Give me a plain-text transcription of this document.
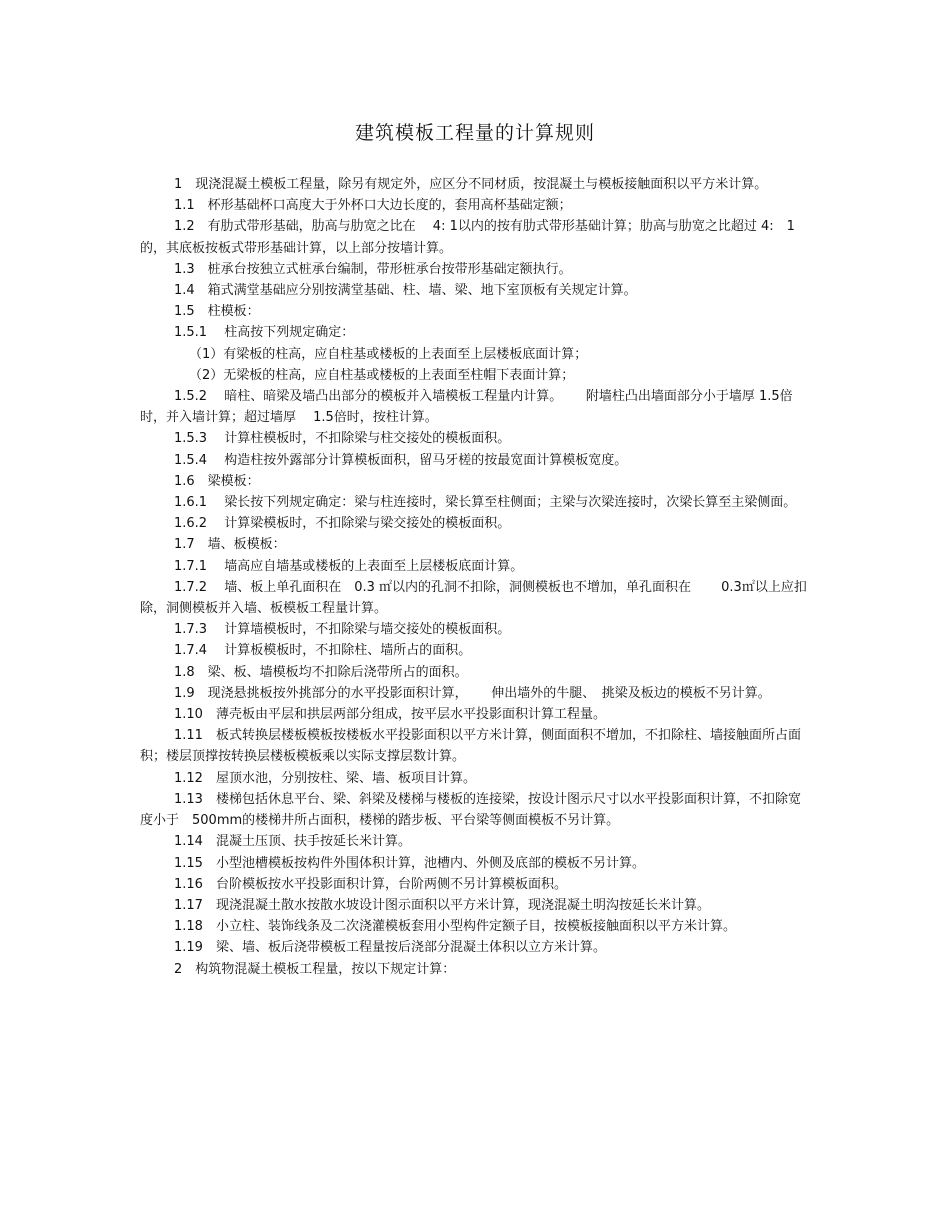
建筑模板工程量的计算规则

1　现浇混凝土模板工程量，除另有规定外，应区分不同材质，按混凝土与模板接触面积以平方米计算。

1.1　杯形基础杯口高度大于外杯口大边长度的，套用高杯基础定额；

1.2　有肋式带形基础，肋高与肋宽之比在　 4: 1以内的按有肋式带形基础计算；肋高与肋宽之比超过 4:　1的，其底板按板式带形基础计算，以上部分按墙计算。

1.3　桩承台按独立式桩承台编制，带形桩承台按带形基础定额执行。

1.4　箱式满堂基础应分别按满堂基础、柱、墙、梁、地下室顶板有关规定计算。

1.5　柱模板：

1.5.1　 柱高按下列规定确定：

（1）有梁板的柱高，应自柱基或楼板的上表面至上层楼板底面计算；

（2）无梁板的柱高，应自柱基或楼板的上表面至柱帽下表面计算；

1.5.2　 暗柱、暗梁及墙凸出部分的模板并入墙模板工程量内计算。　　 附墙柱凸出墙面部分小于墙厚 1.5倍时，并入墙计算；超过墙厚　 1.5倍时，按柱计算。

1.5.3　 计算柱模板时，不扣除梁与柱交接处的模板面积。

1.5.4　 构造柱按外露部分计算模板面积，留马牙槎的按最宽面计算模板宽度。

1.6　梁模板：

1.6.1　 梁长按下列规定确定：梁与柱连接时，梁长算至柱侧面；主梁与次梁连接时，次梁长算至主梁侧面。

1.6.2　 计算梁模板时，不扣除梁与梁交接处的模板面积。

1.7　墙、板模板：

1.7.1　 墙高应自墙基或楼板的上表面至上层楼板底面计算。

1.7.2　 墙、板上单孔面积在　0.3 ㎡以内的孔洞不扣除，洞侧模板也不增加，单孔面积在　　 0.3㎡以上应扣除，洞侧模板并入墙、板模板工程量计算。

1.7.3　 计算墙模板时，不扣除梁与墙交接处的模板面积。

1.7.4　 计算板模板时，不扣除柱、墙所占的面积。

1.8　梁、板、墙模板均不扣除后浇带所占的面积。

1.9　现浇悬挑板按外挑部分的水平投影面积计算，　　 伸出墙外的牛腿、　挑梁及板边的模板不另计算。

1.10　薄壳板由平层和拱层两部分组成，按平层水平投影面积计算工程量。

1.11　板式转换层楼板模板按楼板水平投影面积以平方米计算，侧面面积不增加，不扣除柱、墙接触面所占面积；楼层顶撑按转换层楼板模板乘以实际支撑层数计算。

1.12　屋顶水池，分别按柱、梁、墙、板项目计算。

1.13　楼梯包括休息平台、梁、斜梁及楼梯与楼板的连接梁，按设计图示尺寸以水平投影面积计算，不扣除宽度小于　500mm的楼梯井所占面积，楼梯的踏步板、平台梁等侧面模板不另计算。

1.14　混凝土压顶、扶手按延长米计算。

1.15　小型池槽模板按构件外围体积计算，池槽内、外侧及底部的模板不另计算。

1.16　台阶模板按水平投影面积计算，台阶两侧不另计算模板面积。

1.17　现浇混凝土散水按散水坡设计图示面积以平方米计算，现浇混凝土明沟按延长米计算。

1.18　小立柱、装饰线条及二次浇灌模板套用小型构件定额子目，按模板接触面积以平方米计算。

1.19　梁、墙、板后浇带模板工程量按后浇部分混凝土体积以立方米计算。

2　构筑物混凝土模板工程量，按以下规定计算：
